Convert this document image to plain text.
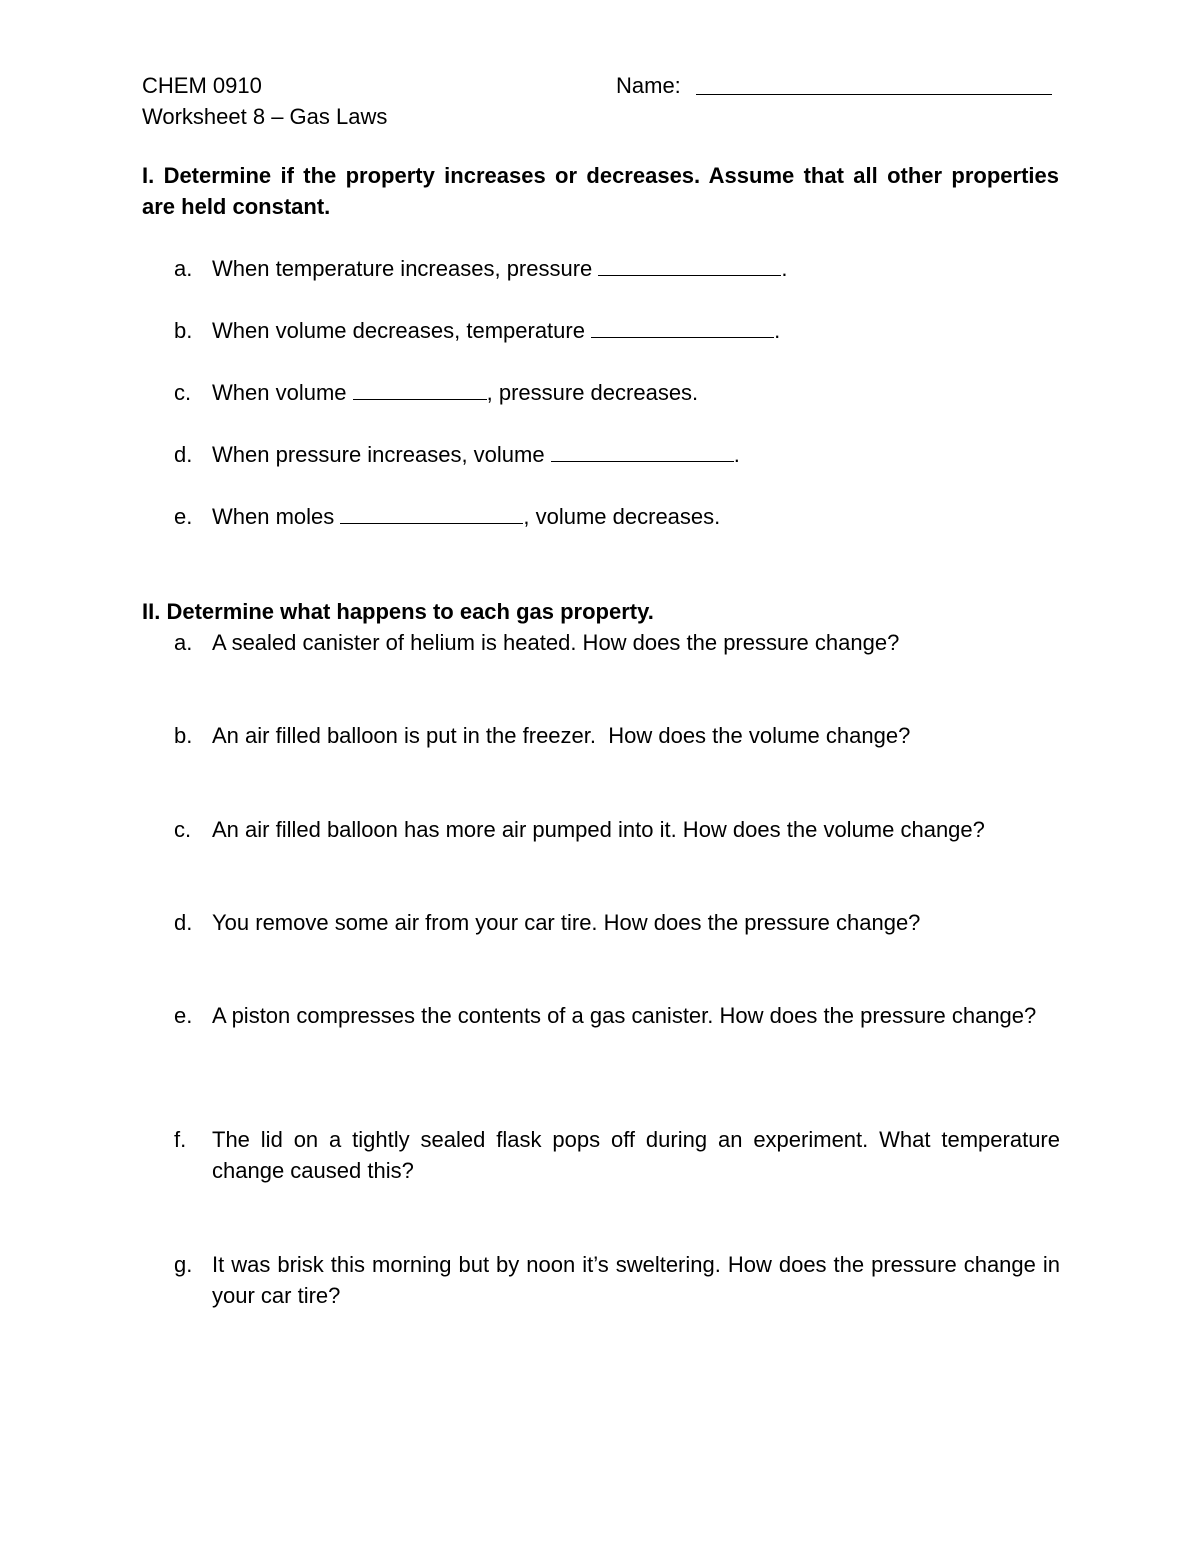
CHEM 0910
Worksheet 8 – Gas Laws
Name:
I. Determine if the property increases or decreases. Assume that all other properties are held constant.
a. When temperature increases, pressure	.
b. When volume decreases, temperature	.
c. When volume	, pressure decreases.
d. When pressure increases, volume	.
e. When moles	, volume decreases.
II. Determine what happens to each gas property.
a. A sealed canister of helium is heated. How does the pressure change?
b. An air filled balloon is put in the freezer.  How does the volume change?
c. An air filled balloon has more air pumped into it. How does the volume change?
d. You remove some air from your car tire. How does the pressure change?
e. A piston compresses the contents of a gas canister. How does the pressure change?
f. The lid on a tightly sealed flask pops off during an experiment. What temperature change caused this?
g. It was brisk this morning but by noon it’s sweltering. How does the pressure change in your car tire?
